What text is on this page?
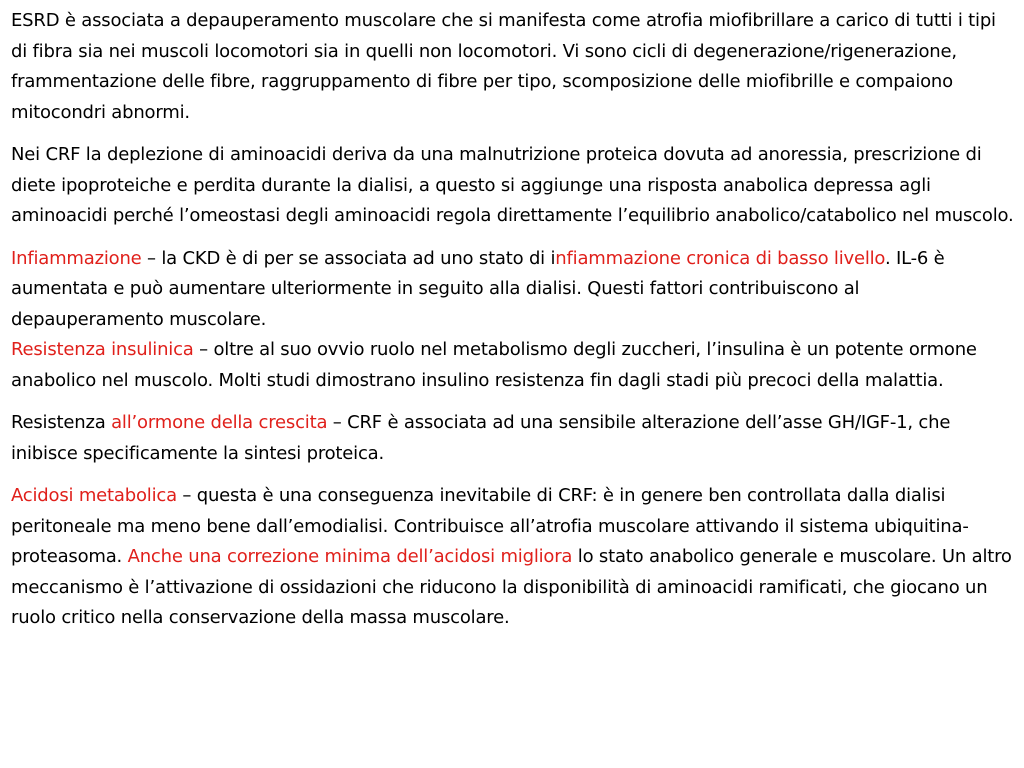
ESRD è associata a depauperamento muscolare che si manifesta come atrofia miofibrillare a carico di tutti i tipi di fibra sia nei muscoli locomotori sia in quelli non locomotori. Vi sono cicli di degenerazione/rigenerazione, frammentazione delle fibre, raggruppamento di fibre per tipo, scomposizione delle miofibrille e compaiono mitocondri abnormi.

Nei CRF la deplezione di aminoacidi deriva da una malnutrizione proteica dovuta ad anoressia, prescrizione di diete ipoproteiche e perdita durante la dialisi, a questo si aggiunge una risposta anabolica depressa agli aminoacidi perché l’omeostasi degli aminoacidi regola direttamente l’equilibrio anabolico/catabolico nel muscolo.

Infiammazione – la CKD è di per se associata ad uno stato di infiammazione cronica di basso livello. IL-6 è aumentata e può aumentare ulteriormente in seguito alla dialisi. Questi fattori contribuiscono al depauperamento muscolare.

Resistenza insulinica – oltre al suo ovvio ruolo nel metabolismo degli zuccheri, l’insulina è un potente ormone anabolico nel muscolo. Molti studi dimostrano insulino resistenza fin dagli stadi più precoci della malattia.

Resistenza all’ormone della crescita – CRF è associata ad una sensibile alterazione dell’asse GH/IGF-1, che inibisce specificamente la sintesi proteica.

Acidosi metabolica – questa è una conseguenza inevitabile di CRF: è in genere ben controllata dalla dialisi peritoneale ma meno bene dall’emodialisi. Contribuisce all’atrofia muscolare attivando il sistema ubiquitina-proteasoma. Anche una correzione minima dell’acidosi migliora lo stato anabolico generale e muscolare. Un altro meccanismo è l’attivazione di ossidazioni che riducono la disponibilità di aminoacidi ramificati, che giocano un ruolo critico nella conservazione della massa muscolare.
